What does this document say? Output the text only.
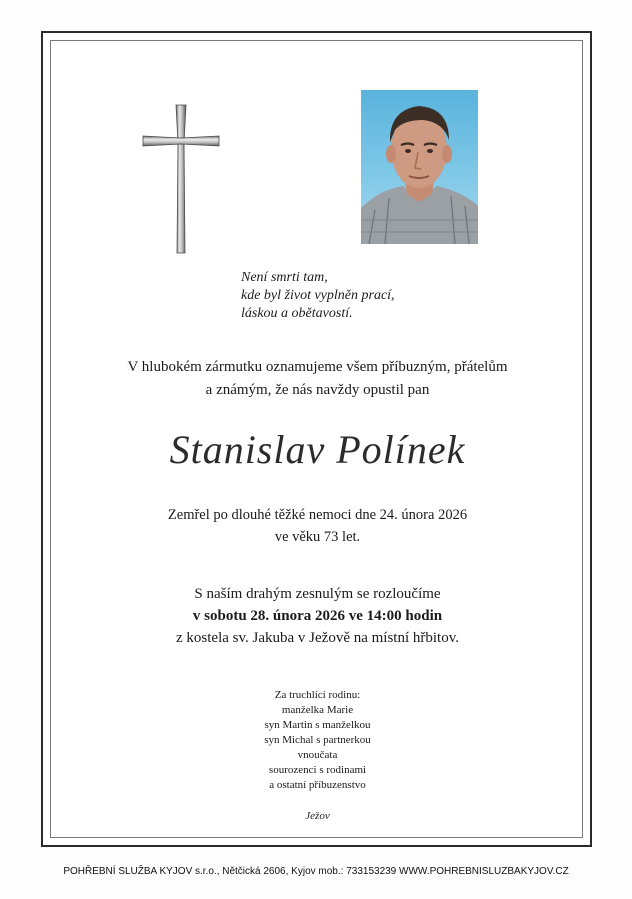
Není smrti tam,
kde byl život vyplněn prací,
láskou a obětavostí.
V hlubokém zármutku oznamujeme všem příbuzným, přátelům
a známým, že nás navždy opustil pan
Stanislav Polínek
Zemřel po dlouhé těžké nemoci dne 24. února 2026
ve věku 73 let.
S naším drahým zesnulým se rozloučíme
v sobotu 28. února 2026 ve 14:00 hodin
z kostela sv. Jakuba v Ježově na místní hřbitov.
Za truchlící rodinu:
manželka Marie
syn Martin s manželkou
syn Michal s partnerkou
vnoučata
sourozenci s rodinami
a ostatní příbuzenstvo
Ježov
POHŘEBNÍ SLUŽBA KYJOV s.r.o., Nětčická 2606, Kyjov mob.: 733153239 WWW.POHREBNISLUZBAKYJOV.CZ
